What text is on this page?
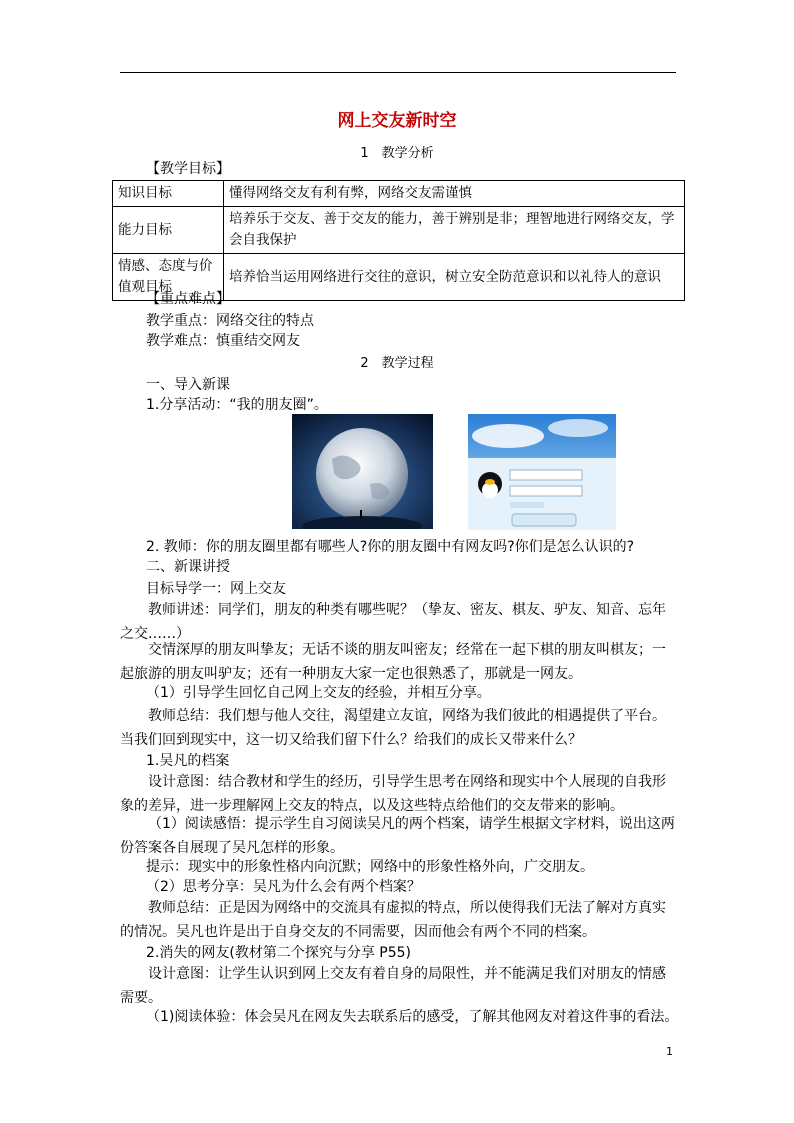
网上交友新时空
1　教学分析
【教学目标】
知识目标	懂得网络交友有利有弊，网络交友需谨慎
能力目标	培养乐于交友、善于交友的能力，善于辨别是非；理智地进行网络交友，学会自我保护
情感、态度与价值观目标	培养恰当运用网络进行交往的意识，树立安全防范意识和以礼待人的意识
【重点难点】
教学重点：网络交往的特点
教学难点：慎重结交网友
2　教学过程
一、导入新课
1.分享活动：“我的朋友圈”。
2. 教师：你的朋友圈里都有哪些人?你的朋友圈中有网友吗?你们是怎么认识的?
二、新课讲授
目标导学一：网上交友
教师讲述：同学们，朋友的种类有哪些呢？（挚友、密友、棋友、驴友、知音、忘年之交……）
交情深厚的朋友叫挚友；无话不谈的朋友叫密友；经常在一起下棋的朋友叫棋友；一起旅游的朋友叫驴友；还有一种朋友大家一定也很熟悉了，那就是一网友。
（1）引导学生回忆自己网上交友的经验，并相互分享。
教师总结：我们想与他人交往，渴望建立友谊，网络为我们彼此的相遇提供了平台。当我们回到现实中，这一切又给我们留下什么？给我们的成长又带来什么？
1.吴凡的档案
设计意图：结合教材和学生的经历，引导学生思考在网络和现实中个人展现的自我形象的差异，进一步理解网上交友的特点，以及这些特点给他们的交友带来的影响。
（1）阅读感悟：提示学生自习阅读吴凡的两个档案，请学生根据文字材料，说出这两份答案各自展现了吴凡怎样的形象。
提示：现实中的形象性格内向沉默；网络中的形象性格外向，广交朋友。
（2）思考分享：吴凡为什么会有两个档案？
教师总结：正是因为网络中的交流具有虚拟的特点，所以使得我们无法了解对方真实的情况。吴凡也许是出于自身交友的不同需要，因而他会有两个不同的档案。
2.消失的网友(教材第二个探究与分享 P55)
设计意图：让学生认识到网上交友有着自身的局限性，并不能满足我们对朋友的情感需要。
（1)阅读体验：体会吴凡在网友失去联系后的感受，了解其他网友对着这件事的看法。
1
